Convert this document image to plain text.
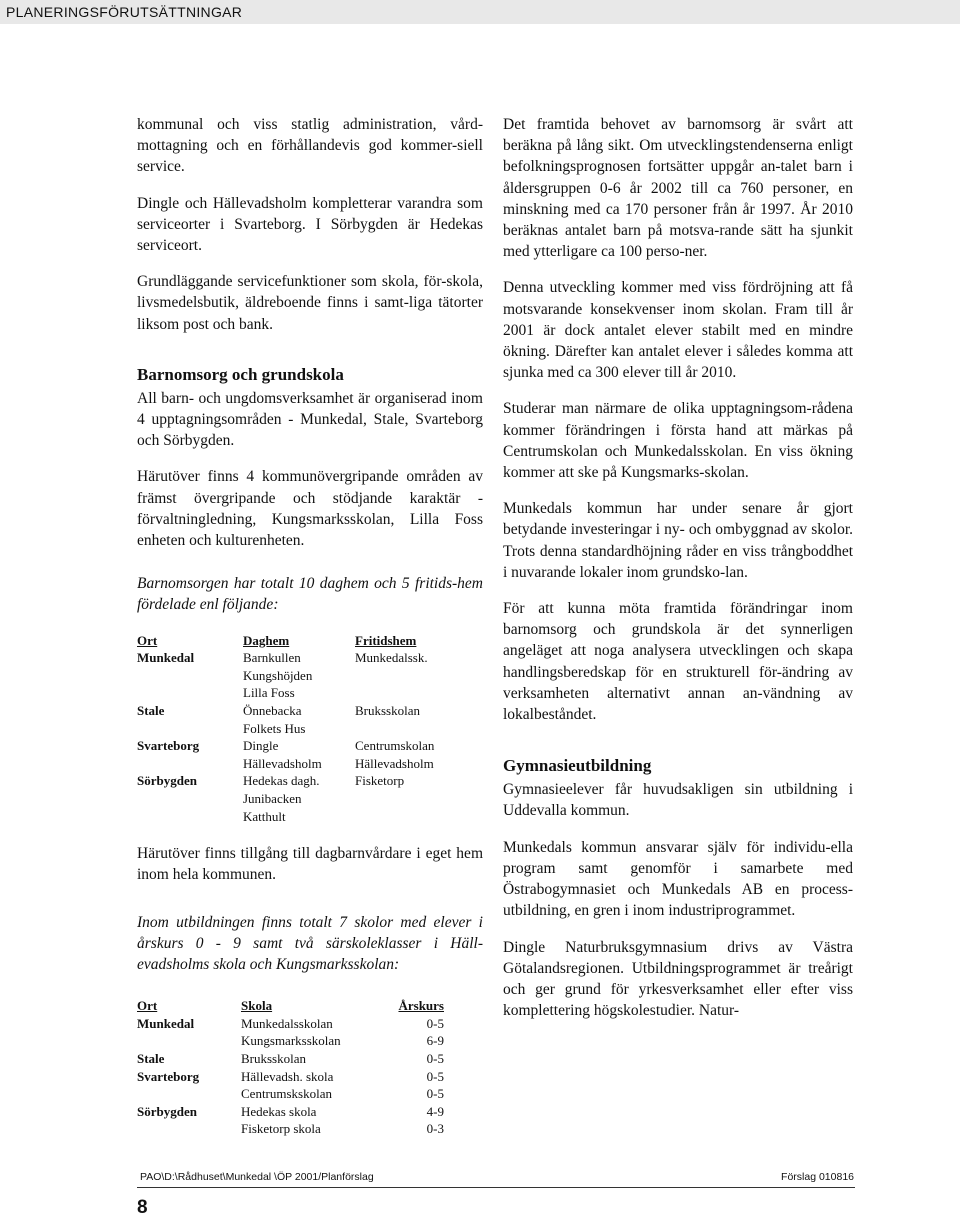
PLANERINGSFÖRUTSÄTTNINGAR

kommunal och viss statlig administration, vård-mottagning och en förhållandevis god kommer-siell service.

Dingle och Hällevadsholm kompletterar varandra som serviceorter i Svarteborg. I Sörbygden är Hedekas serviceort.

Grundläggande servicefunktioner som skola, för-skola, livsmedelsbutik, äldreboende finns i samt-liga tätorter liksom post och bank.

Barnomsorg och grundskola

All barn- och ungdomsverksamhet är organiserad inom 4 upptagningsområden - Munkedal, Stale, Svarteborg och Sörbygden.

Härutöver finns 4 kommunövergripande områden av främst övergripande och stödjande karaktär - förvaltningledning, Kungsmarksskolan, Lilla Foss enheten och kulturenheten.

Barnomsorgen har totalt 10 daghem och 5 fritids-hem fördelade enl följande:

Ort	Daghem	Fritidshem
Munkedal	Barnkullen	Munkedalssk.
	Kungshöjden	
	Lilla Foss	
Stale	Önnebacka	Bruksskolan
	Folkets Hus	
Svarteborg	Dingle	Centrumskolan
	Hällevadsholm	Hällevadsholm
Sörbygden	Hedekas dagh.	Fisketorp
	Junibacken	
	Katthult	

Härutöver finns tillgång till dagbarnvårdare i eget hem inom hela kommunen.

Inom utbildningen finns totalt 7 skolor med elever i årskurs 0 - 9 samt två särskoleklasser i Häll-evadsholms skola och Kungsmarksskolan:

Ort	Skola	Årskurs
Munkedal	Munkedalsskolan	0-5
	Kungsmarksskolan	6-9
Stale	Bruksskolan	0-5
Svarteborg	Hällevadsh. skola	0-5
	Centrumskskolan	0-5
Sörbygden	Hedekas skola	4-9
	Fisketorp skola	0-3

Det framtida behovet av barnomsorg är svårt att beräkna på lång sikt. Om utvecklingstendenserna enligt befolkningsprognosen fortsätter uppgår an-talet barn i åldersgruppen 0-6 år 2002 till ca 760 personer, en minskning med ca 170 personer från år 1997. År 2010 beräknas antalet barn på motsva-rande sätt ha sjunkit med ytterligare ca 100 perso-ner.

Denna utveckling kommer med viss fördröjning att få motsvarande konsekvenser inom skolan. Fram till år 2001 är dock antalet elever stabilt med en mindre ökning. Därefter kan antalet elever i således komma att sjunka med ca 300 elever till år 2010.

Studerar man närmare de olika upptagningsom-rådena kommer förändringen i första hand att märkas på Centrumskolan och Munkedalsskolan. En viss ökning kommer att ske på Kungsmarks-skolan.

Munkedals kommun har under senare år gjort betydande investeringar i ny- och ombyggnad av skolor. Trots denna standardhöjning råder en viss trångboddhet i nuvarande lokaler inom grundsko-lan.

För att kunna möta framtida förändringar inom barnomsorg och grundskola är det synnerligen angeläget att noga analysera utvecklingen och skapa handlingsberedskap för en strukturell för-ändring av verksamheten alternativt annan an-vändning av lokalbeståndet.

Gymnasieutbildning

Gymnasieelever får huvudsakligen sin utbildning i Uddevalla kommun.

Munkedals kommun ansvarar själv för individu-ella program samt genomför i samarbete med Östrabogymnasiet och Munkedals AB en process-utbildning, en gren i inom industriprogrammet.

Dingle Naturbruksgymnasium drivs av Västra Götalandsregionen. Utbildningsprogrammet är treårigt och ger grund för yrkesverksamhet eller efter viss komplettering högskolestudier. Natur-

PAO\D:\Rådhuset\Munkedal \ÖP 2001/Planförslag	Förslag 010816
8
